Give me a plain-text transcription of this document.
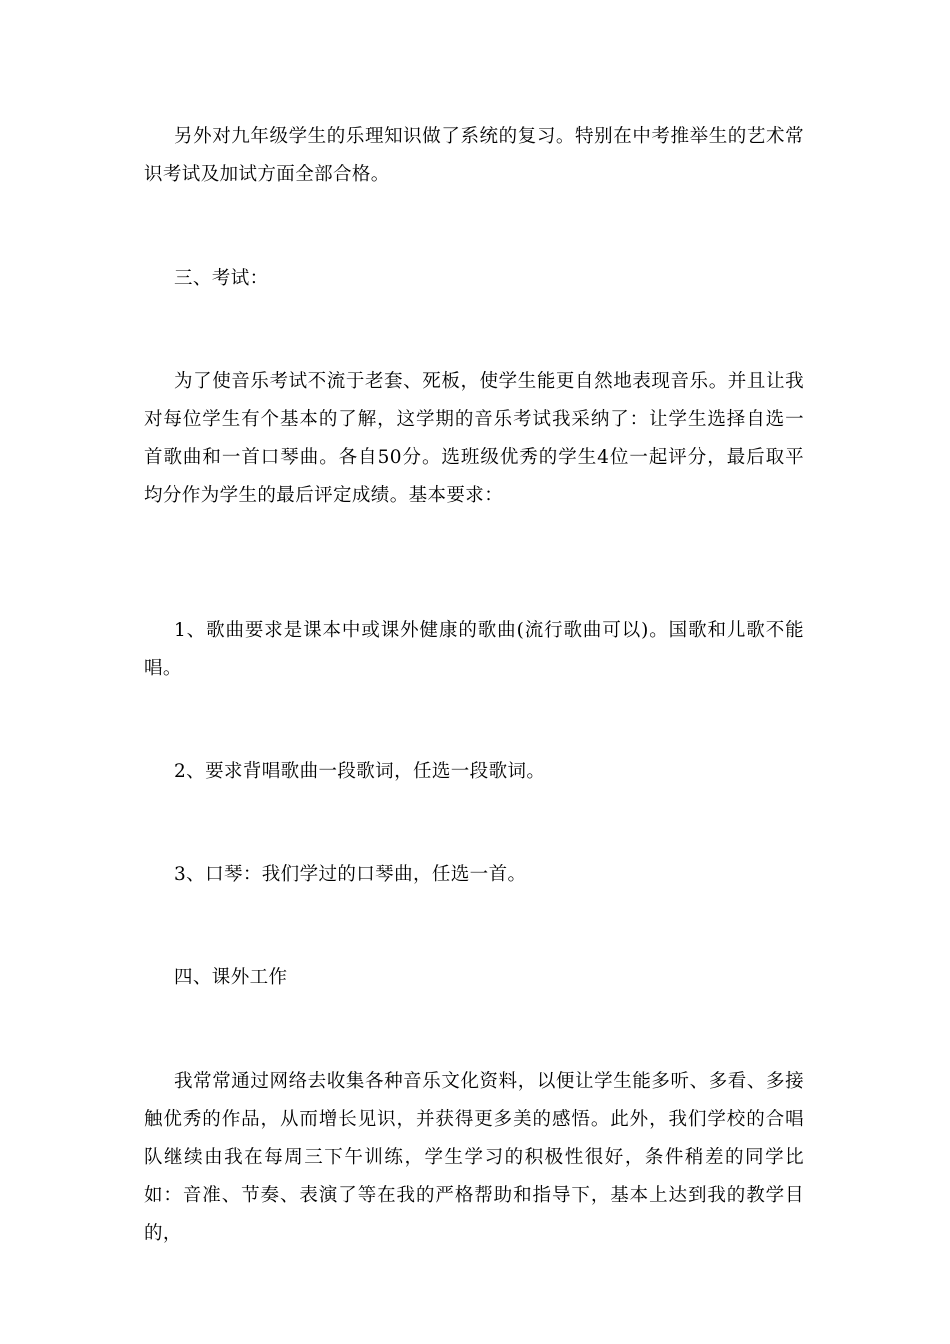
另外对九年级学生的乐理知识做了系统的复习。特别在中考推举生的艺术常识考试及加试方面全部合格。

三、考试：

为了使音乐考试不流于老套、死板，使学生能更自然地表现音乐。并且让我对每位学生有个基本的了解，这学期的音乐考试我采纳了：让学生选择自选一首歌曲和一首口琴曲。各自50分。选班级优秀的学生4位一起评分，最后取平均分作为学生的最后评定成绩。基本要求：

1、歌曲要求是课本中或课外健康的歌曲(流行歌曲可以)。国歌和儿歌不能唱。

2、要求背唱歌曲一段歌词，任选一段歌词。

3、口琴：我们学过的口琴曲，任选一首。

四、课外工作

我常常通过网络去收集各种音乐文化资料，以便让学生能多听、多看、多接触优秀的作品，从而增长见识，并获得更多美的感悟。此外，我们学校的合唱队继续由我在每周三下午训练，学生学习的积极性很好，条件稍差的同学比如：音准、节奏、表演了等在我的严格帮助和指导下，基本上达到我的教学目的，
